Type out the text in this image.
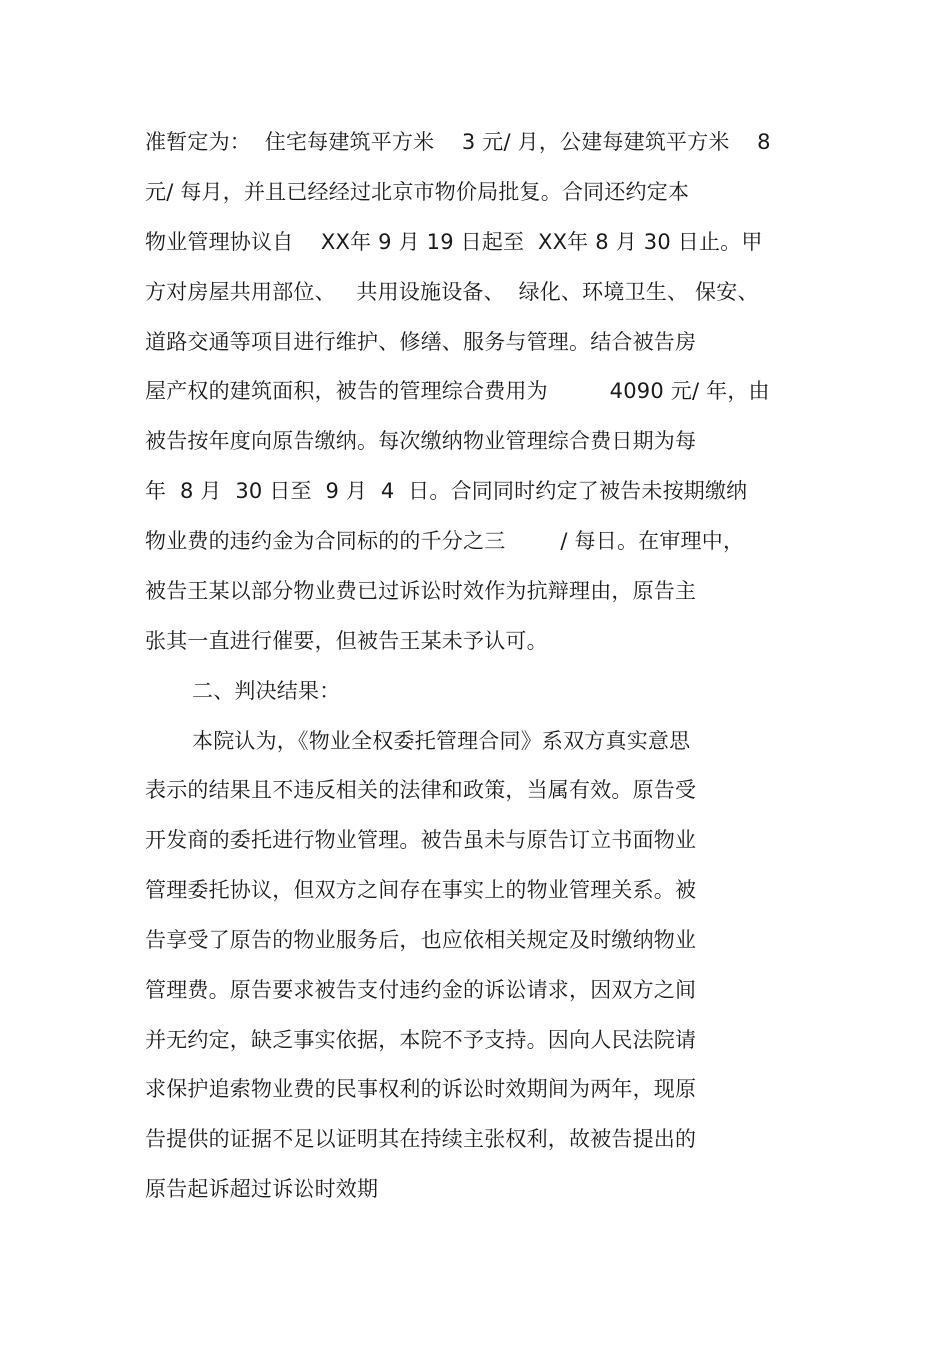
准暂定为：  住宅每建筑平方米    3 元/ 月，公建每建筑平方米    8
元/ 每月，并且已经经过北京市物价局批复。合同还约定本
物业管理协议自    XX年 9 月 19 日起至  XX年 8 月 30 日止。甲
方对房屋共用部位、   共用设施设备、  绿化、环境卫生、 保安、
道路交通等项目进行维护、修缮、服务与管理。结合被告房
屋产权的建筑面积，被告的管理综合费用为         4090 元/ 年，由
被告按年度向原告缴纳。每次缴纳物业管理综合费日期为每
年  8 月  30 日至  9 月  4  日。合同同时约定了被告未按期缴纳
物业费的违约金为合同标的的千分之三        / 每日。在审理中，
被告王某以部分物业费已过诉讼时效作为抗辩理由，原告主
张其一直进行催要，但被告王某未予认可。
二、判决结果：
本院认为，《物业全权委托管理合同》系双方真实意思
表示的结果且不违反相关的法律和政策，当属有效。原告受
开发商的委托进行物业管理。被告虽未与原告订立书面物业
管理委托协议，但双方之间存在事实上的物业管理关系。被
告享受了原告的物业服务后，也应依相关规定及时缴纳物业
管理费。原告要求被告支付违约金的诉讼请求，因双方之间
并无约定，缺乏事实依据，本院不予支持。因向人民法院请
求保护追索物业费的民事权利的诉讼时效期间为两年，现原
告提供的证据不足以证明其在持续主张权利，故被告提出的
原告起诉超过诉讼时效期
